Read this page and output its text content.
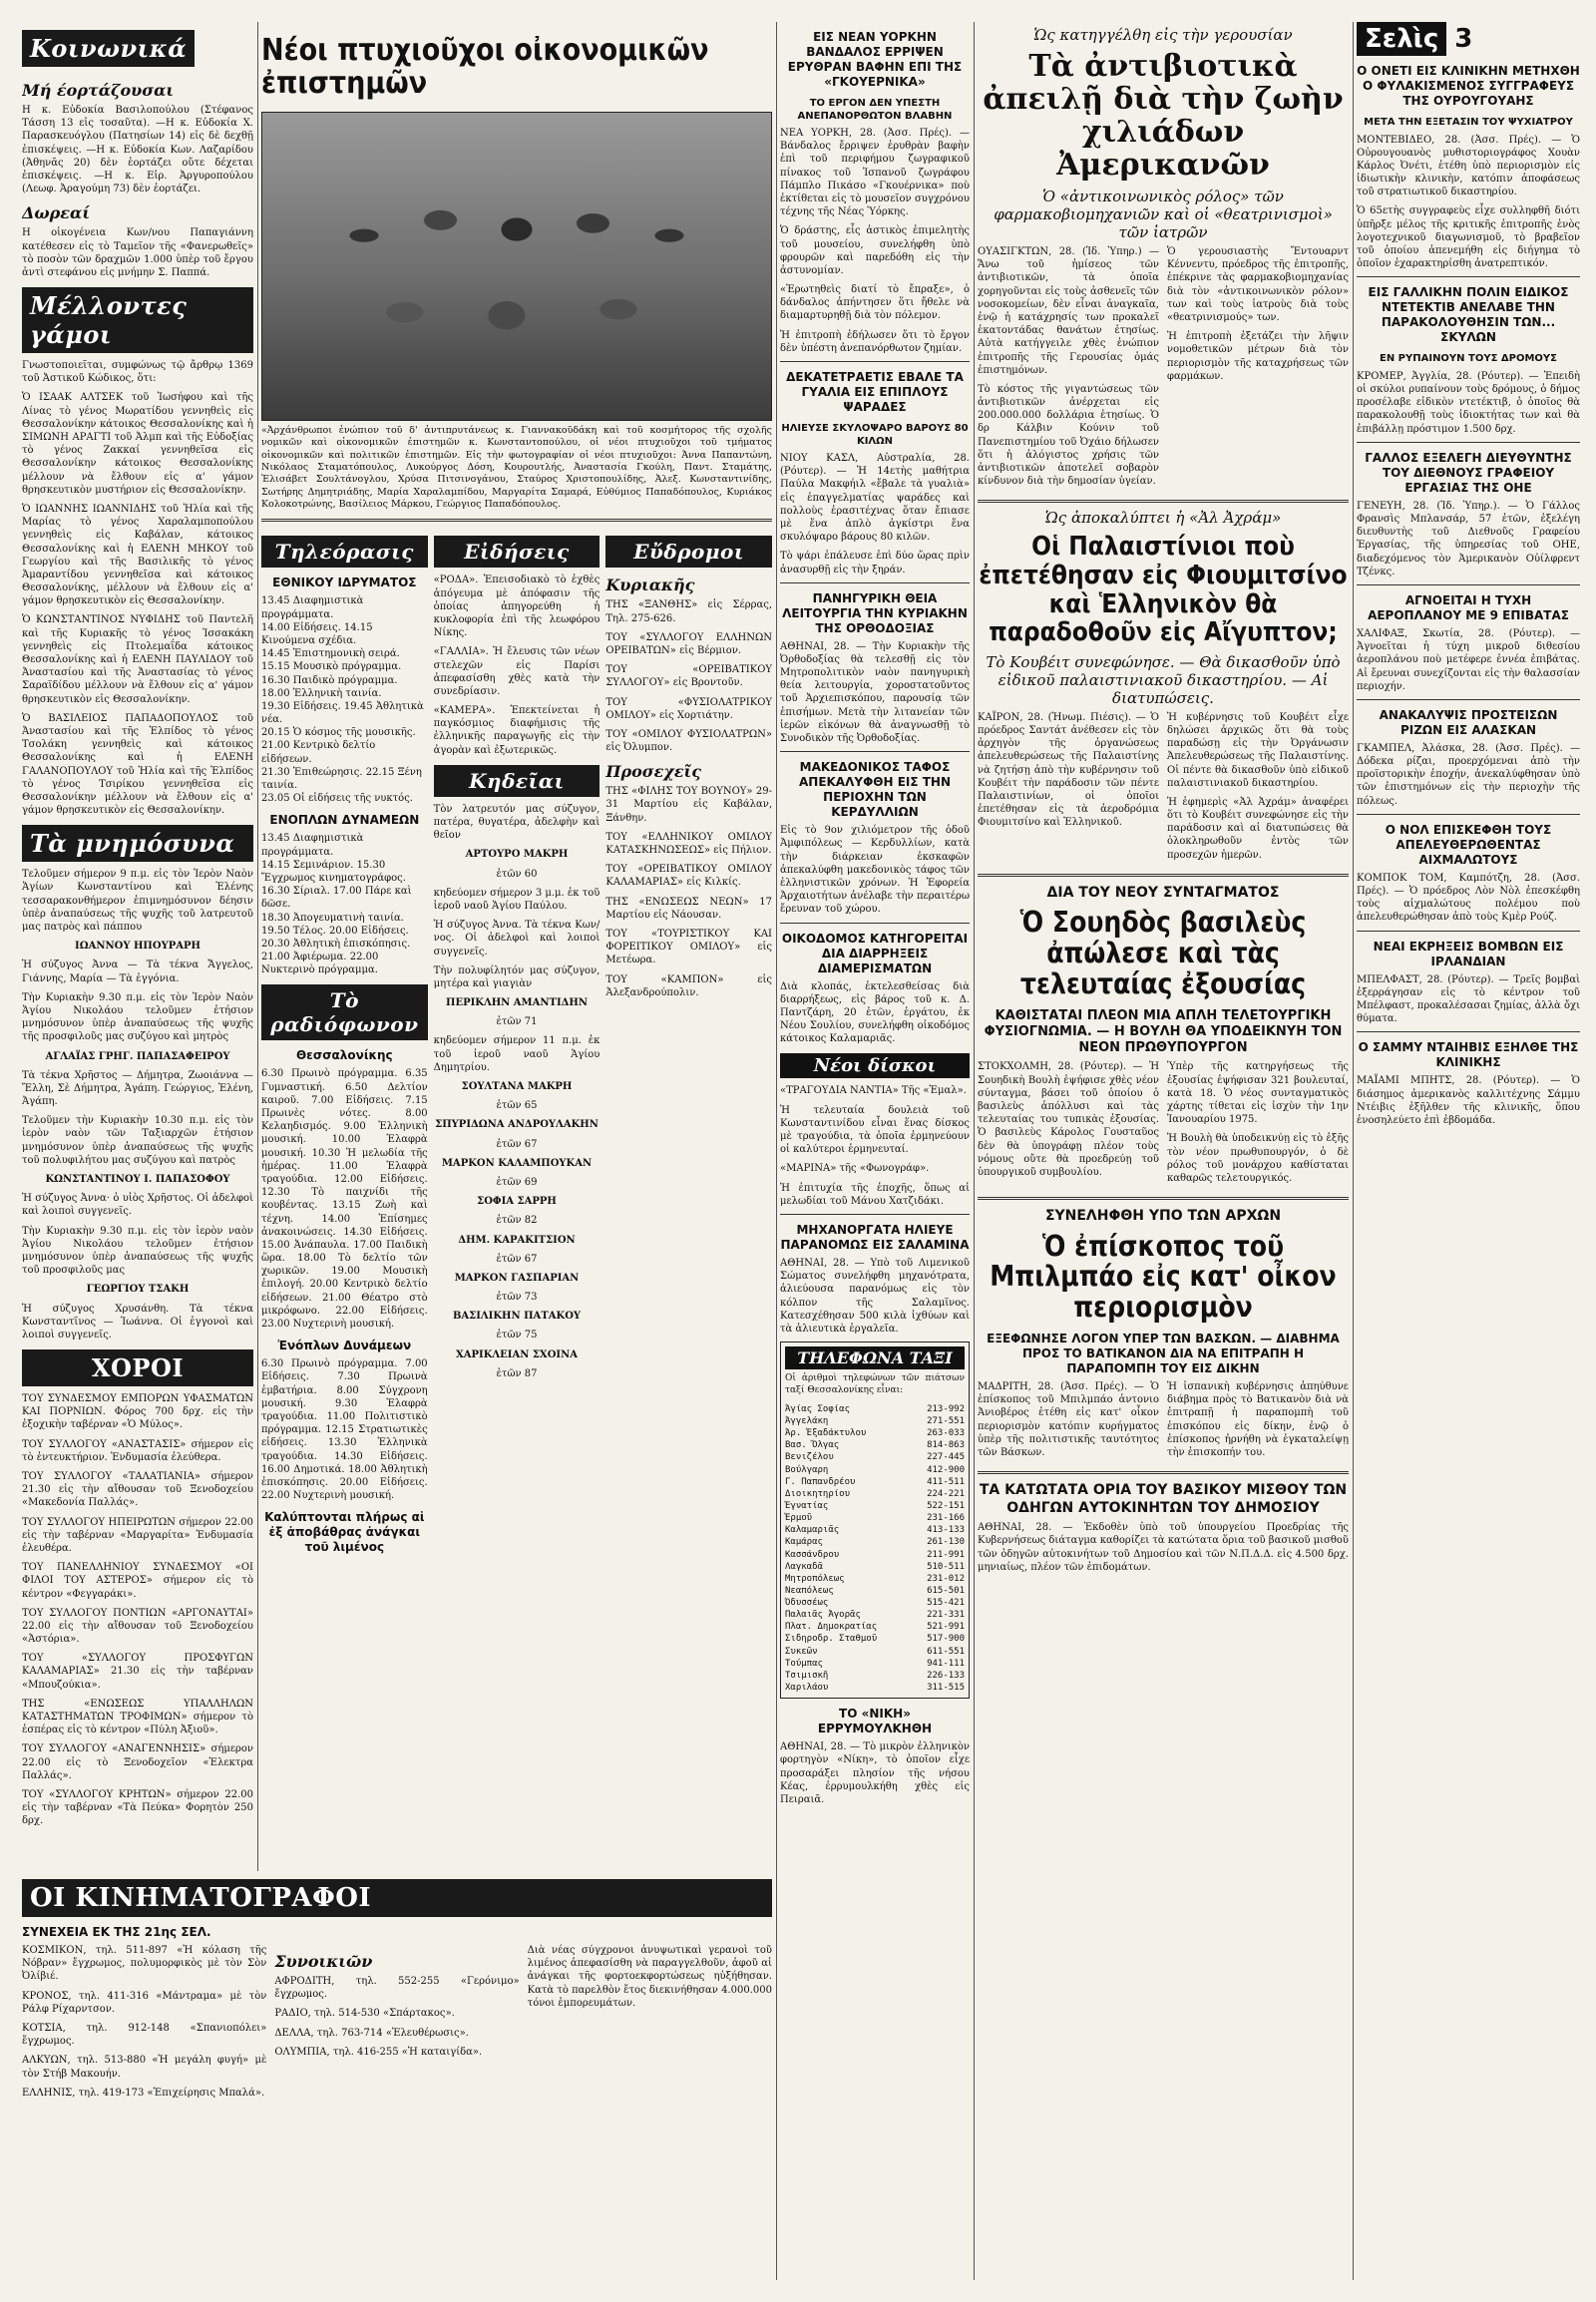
Κοινωνικά
Μή έορτάζουσαι

Η κ. Εὐδοκία Βασιλοπούλου (Στέφανος Τάσση 13 εἰς τοσαῦτα). —Η κ. Εὐδοκία Χ. Παρασκευόγλου (Πατησίων 14) εἰς δὲ δεχθῇ ἐπισκέψεις. —Η κ. Εὐδοκία Κων. Λαζαρίδου (Ἀθηνᾶς 20) δὲν ἑορτάζει οὔτε δέχεται ἐπισκέψεις. —Η κ. Εἰρ. Ἀργυροπούλου (Λεωφ. Ἀραγούμη 73) δὲν ἑορτάζει.

Δωρεαί

Η οἰκογένεια Κων/νου Παπαγιάννη κατέθεσεν εἰς τὸ Ταμεῖον τῆς «Φανερωθεῖς» τὸ ποσὸν τῶν δραχμῶν 1.000 ὑπὲρ τοῦ ἔργου ἀντὶ στεφάνου εἰς μνήμην Σ. Παππά.

Μέλλοντες γάμοι

Γνωστοποιεῖται, συμφώνως τῷ ἄρθρῳ 1369 τοῦ Ἀστικοῦ Κώδικος, ὅτι:

Ὁ ΙΣΑΑΚ ΑΛΤΣΕΚ τοῦ Ἰωσήφου καὶ τῆς Λίνας τὸ γένος Μωρατίδου γεννηθεὶς εἰς Θεσσαλονίκην κάτοικος Θεσσαλονίκης καὶ ἡ ΣΙΜΩΝΗ ΑΡΑΓΤΙ τοῦ Ἀλμπ καὶ τῆς Εὐδοξίας τὸ γένος Ζακκαί γεννηθεῖσα εἰς Θεσσαλονίκην κάτοικος Θεσσαλονίκης μέλλουν νὰ ἔλθουν εἰς α' γάμον θρησκευτικὸν μυστήριον εἰς Θεσσαλονίκην.

Ὁ ΙΩΑΝΝΗΣ ΙΩΑΝΝΙΔΗΣ τοῦ Ἠλία καὶ τῆς Μαρίας τὸ γένος Χαραλαμποπούλου γεννηθεὶς εἰς Καβάλαν, κάτοικος Θεσσαλονίκης καὶ ἡ ΕΛΕΝΗ ΜΗΚΟΥ τοῦ Γεωργίου καὶ τῆς Βασιλικῆς τὸ γένος Ἀμαραντίδου γεννηθεῖσα καὶ κάτοικος Θεσσαλονίκης, μέλλουν νὰ ἔλθουν εἰς α' γάμον θρησκευτικὸν εἰς Θεσσαλονίκην.

Ὁ ΚΩΝΣΤΑΝΤΙΝΟΣ ΝΥΦΙΔΗΣ τοῦ Παντελῆ καὶ τῆς Κυριακῆς τὸ γένος Ἰσσακάκη γεννηθεὶς εἰς Πτολεμαΐδα κάτοικος Θεσσαλονίκης καὶ ἡ ΕΛΕΝΗ ΠΑΥΛΙΔΟΥ τοῦ Ἀναστασίου καὶ τῆς Ἀναστασίας τὸ γένος Σαραϊδίδου μέλλουν νὰ ἔλθουν εἰς α' γάμον θρησκευτικὸν εἰς Θεσσαλονίκην.

Ὁ ΒΑΣΙΛΕΙΟΣ ΠΑΠΑΔΟΠΟΥΛΟΣ τοῦ Ἀναστασίου καὶ τῆς Ἑλπίδος τὸ γένος Τσολάκη γεννηθεὶς καὶ κάτοικος Θεσσαλονίκης καὶ ἡ ΕΛΕΝΗ ΓΑΛΑΝΟΠΟΥΛΟΥ τοῦ Ἠλία καὶ τῆς Ἑλπίδος τὸ γένος Τσιρίκου γεννηθεῖσα εἰς Θεσσαλονίκην μέλλουν νὰ ἔλθουν εἰς α' γάμον θρησκευτικὸν εἰς Θεσσαλονίκην.

Τὰ μνημόσυνα

Τελοῦμεν σήμερον 9 π.μ. εἰς τὸν Ἱερὸν Ναὸν Ἁγίων Κωνσταντίνου καὶ Ἑλένης τεσσαρακονθήμερον ἐπιμνημόσυνον δέησιν ὑπὲρ ἀναπαύσεως τῆς ψυχῆς τοῦ λατρευτοῦ μας πατρὸς καὶ πάππου

ΙΩΑΝΝΟΥ ΗΠΟΥΡΑΡΗ

Ἡ σύζυγος Ἀννα — Τὰ τέκνα Ἄγγελος, Γιάννης, Μαρία — Τὰ ἐγγόνια.

Τὴν Κυριακὴν 9.30 π.μ. εἰς τὸν Ἱερὸν Ναὸν Ἁγίου Νικολάου τελοῦμεν ἐτήσιον μνημόσυνον ὑπὲρ ἀναπαύσεως τῆς ψυχῆς τῆς προσφιλοῦς μας συζύγου καὶ μητρὸς

ΑΓΛΑΪΑΣ ΓΡΗΓ. ΠΑΠΑΣΑΦΕΙΡΟΥ

Τὰ τέκνα Χρῆστος — Δήμητρα, Ζωοιάννα — Ἔλλη, Σὲ Δήμητρα, Ἀγάπη. Γεώργιος, Ἑλένη, Ἀγάπη.

Τελοῦμεν τὴν Κυριακὴν 10.30 π.μ. εἰς τὸν ἱερὸν ναὸν τῶν Ταξιαρχῶν ἐτήσιον μνημόσυνον ὑπὲρ ἀναπαύσεως τῆς ψυχῆς τοῦ πολυφιλήτου μας συζύγου καὶ πατρὸς

ΚΩΝΣΤΑΝΤΙΝΟΥ Ι. ΠΑΠΑΣΟΦΟΥ

Ἡ σύζυγος Ἀννα· ὁ υἱὸς Χρῆστος. Οἱ ἀδελφοὶ καὶ λοιποὶ συγγενεῖς.

Τὴν Κυριακὴν 9.30 π.μ. εἰς τὸν ἱερὸν ναὸν Ἁγίου Νικολάου τελοῦμεν ἐτήσιον μνημόσυνον ὑπὲρ ἀναπαύσεως τῆς ψυχῆς τοῦ προσφιλοῦς μας

ΓΕΩΡΓΙΟΥ ΤΣΑΚΗ

Ἡ σύζυγος Χρυσάνθη. Τὰ τέκνα Κωνσταντῖνος — Ἰωάννα. Οἱ ἐγγονοὶ καὶ λοιποὶ συγγενεῖς.

ΧΟΡΟΙ

ΤΟΥ ΣΥΝΔΕΣΜΟΥ ΕΜΠΟΡΩΝ ΥΦΑΣΜΑΤΩΝ ΚΑΙ ΠΟΡΝΙΩΝ. Φόρος 700 δρχ. εἰς τὴν ἐξοχικὴν ταβέρναν «Ὁ Μύλος».

ΤΟΥ ΣΥΛΛΟΓΟΥ «ΑΝΑΣΤΑΣΙΣ» σήμερον εἰς τὸ ἐντευκτήριον. Ἐνδυμασία ἐλεύθερα.

ΤΟΥ ΣΥΛΛΟΓΟΥ «ΤΑΛΑΤΙΑΝΙΑ» σήμερον 21.30 εἰς τὴν αἴθουσαν τοῦ Ξενοδοχείου «Μακεδονία Παλλάς».

ΤΟΥ ΣΥΛΛΟΓΟΥ ΗΠΕΙΡΩΤΩΝ σήμερον 22.00 εἰς τὴν ταβέρναν «Μαργαρίτα» Ἐνδυμασία ἐλευθέρα.

ΤΟΥ ΠΑΝΕΛΛΗΝΙΟΥ ΣΥΝΔΕΣΜΟΥ «ΟΙ ΦΙΛΟΙ ΤΟΥ ΑΣΤΕΡΟΣ» σήμερον εἰς τὸ κέντρον «Φεγγαράκι».

ΤΟΥ ΣΥΛΛΟΓΟΥ ΠΟΝΤΙΩΝ «ΑΡΓΟΝΑΥΤΑΙ» 22.00 εἰς τὴν αἴθουσαν τοῦ Ξενοδοχείου «Ἀστόρια».

ΤΟΥ «ΣΥΛΛΟΓΟΥ ΠΡΟΣΦΥΓΩΝ ΚΑΛΑΜΑΡΙΑΣ» 21.30 εἰς τὴν ταβέρναν «Μπουζούκια».

ΤΗΣ «ΕΝΩΣΕΩΣ ΥΠΑΛΛΗΛΩΝ ΚΑΤΑΣΤΗΜΑΤΩΝ ΤΡΟΦΙΜΩΝ» σήμερον τὸ ἐσπέρας εἰς τὸ κέντρον «Πύλη Ἀξιοῦ».

ΤΟΥ ΣΥΛΛΟΓΟΥ «ΑΝΑΓΕΝΝΗΣΙΣ» σήμερον 22.00 εἰς τὸ Ξενοδοχεῖον «Ἐλεκτρα Παλλάς».

ΤΟΥ «ΣΥΛΛΟΓΟΥ ΚΡΗΤΩΝ» σήμερον 22.00 εἰς τὴν ταβέρναν «Τὰ Πεύκα» Φορητὸν 250 δρχ.

ΟΙ ΚΙΝΗΜΑΤΟΓΡΑΦΟΙ
ΣΥΝΕΧΕΙΑ ΕΚ ΤΗΣ 21ης ΣΕΛ.

ΚΟΣΜΙΚΟΝ, τηλ. 511-897 «Ἡ κόλαση τῆς Νόβραν» ἔγχρωμος, πολυμορφικὸς μὲ τὸν Σὸν Ὀλίβιέ.

ΚΡΟΝΟΣ, τηλ. 411-316 «Μάντραμα» μὲ τὸν Ράλφ Ρίχαρντσον.

ΚΟΤΣΙΑ, τηλ. 912-148 «Σπανιοπόλει» ἔγχρωμος.

ΑΛΚΥΩΝ, τηλ. 513-880 «Ἡ μεγάλη φυγή» μὲ τὸν Στήβ Μακουήν.

ΕΛΛΗΝΙΣ, τηλ. 419-173 «Ἐπιχείρησις Μπαλά».

Συνοικιῶν

ΑΦΡΟΔΙΤΗ, τηλ. 552-255 «Γερόνιμο» ἔγχρωμος.

ΡΑΔΙΟ, τηλ. 514-530 «Σπάρτακος».

ΔΕΛΛΑ, τηλ. 763-714 «Ἐλευθέρωσις».

ΟΛΥΜΠΙΑ, τηλ. 416-255 «Ἡ καταιγίδα».

Διὰ νέας σύγχρονοι ἀνυψωτικαὶ γερανοὶ τοῦ λιμένος ἀπεφασίσθη νὰ παραγγελθοῦν, ἀφοῦ αἱ ἀνάγκαι τῆς φορτοεκφορτώσεως ηὐξήθησαν. Κατὰ τὸ παρελθὸν ἔτος διεκινήθησαν 4.000.000 τόνοι ἐμπορευμάτων.

Νέοι πτυχιοῦχοι οἰκονομικῶν ἐπιστημῶν

«Ἀρχάνθρωποι ἐνώπιον τοῦ δ' ἀντιπρυτάνεως κ. Γιαννακοῦδάκη καὶ τοῦ κοσμήτορος τῆς σχολῆς νομικῶν καὶ οἰκονομικῶν ἐπιστημῶν κ. Κωνσταντοπούλου, οἱ νέοι πτυχιοῦχοι τοῦ τμήματος οἰκονομικῶν καὶ πολιτικῶν ἐπιστημῶν. Εἰς τὴν φωτογραφίαν οἱ νέοι πτυχιοῦχοι: Ἀννα Παπαντώνη, Νικόλαος Σταματόπουλος, Λυκούργος Δόση, Κουρουτλής, Ἀναστασία Γκούλη, Παντ. Σταμάτης, Ἐλισάβετ Σουλτάνογλου, Χρύσα Πιτσινογάνου, Σταύρος Χριστοπουλίδης, Ἀλεξ. Κωνσταντινίδης, Σωτήρης Δημητριάδης, Μαρία Χαραλαμπίδου, Μαργαρίτα Σαμαρά, Εὐθύμιος Παπαδόπουλος, Κυριάκος Κολοκοτρώνης, Βασίλειος Μάρκου, Γεώργιος Παπαδόπουλος.

Τηλεόρασις
ΕΘΝΙΚΟΥ ΙΔΡΥΜΑΤΟΣ

13.45 Διαφημιστικὰ προγράμματα.

14.00 Εἰδήσεις. 14.15 Κινούμενα σχέδια.

14.45 Ἐπιστημονικὴ σειρά. 15.15 Μουσικὸ πρόγραμμα.

16.30 Παιδικὸ πρόγραμμα. 18.00 Ἐλληνικὴ ταινία.

19.30 Εἰδήσεις. 19.45 Ἀθλητικὰ νέα.

20.15 Ὁ κόσμος τῆς μουσικῆς.

21.00 Κεντρικὸ δελτίο εἰδήσεων.

21.30 Ἐπιθεώρησις. 22.15 Ξένη ταινία.

23.05 Οἱ εἰδήσεις τῆς νυκτός.

ΕΝΟΠΛΩΝ ΔΥΝΑΜΕΩΝ

13.45 Διαφημιστικὰ προγράμματα.

14.15 Σεμινάριον. 15.30 Ἔγχρωμος κινηματογράφος.

16.30 Σίριαλ. 17.00 Πάρε καὶ δῶσε.

18.30 Ἀπογευματινὴ ταινία.

19.50 Τέλος. 20.00 Εἰδήσεις.

20.30 Ἀθλητικὴ ἐπισκόπησις.

21.00 Ἀφιέρωμα. 22.00 Νυκτερινὸ πρόγραμμα.

Τὸ ραδιόφωνον
Θεσσαλονίκης

6.30 Πρωινὸ πρόγραμμα. 6.35 Γυμναστική. 6.50 Δελτίον καιροῦ. 7.00 Εἰδήσεις. 7.15 Πρωινὲς νότες. 8.00 Κελαηδισμός. 9.00 Ἑλληνικὴ μουσική. 10.00 Ἐλαφρὰ μουσική. 10.30 Ἡ μελωδία τῆς ἡμέρας. 11.00 Ἐλαφρὰ τραγούδια. 12.00 Εἰδήσεις. 12.30 Τὸ παιχνίδι τῆς κουβέντας. 13.15 Ζωὴ καὶ τέχνη. 14.00 Ἐπίσημες ἀνακοινώσεις. 14.30 Εἰδήσεις. 15.00 Ἀνάπαυλα. 17.00 Παιδικὴ ὥρα. 18.00 Τὸ δελτίο τῶν χωρικῶν. 19.00 Μουσικὴ ἐπιλογή. 20.00 Κεντρικὸ δελτίο εἰδήσεων. 21.00 Θέατρο στὸ μικρόφωνο. 22.00 Εἰδήσεις. 23.00 Νυχτερινὴ μουσική.

Ἐνόπλων Δυνάμεων

6.30 Πρωινὸ πρόγραμμα. 7.00 Εἰδήσεις. 7.30 Πρωινὰ ἐμβατήρια. 8.00 Σύγχρονη μουσική. 9.30 Ἐλαφρὰ τραγούδια. 11.00 Πολιτιστικὸ πρόγραμμα. 12.15 Στρατιωτικὲς εἰδήσεις. 13.30 Ἐλληνικὰ τραγούδια. 14.30 Εἰδήσεις. 16.00 Δημοτικά. 18.00 Ἀθλητικὴ ἐπισκόπησις. 20.00 Εἰδήσεις. 22.00 Νυχτερινὴ μουσική.

Καλύπτονται πλήρως αἱ ἐξ ἀποβάθρας ἀνάγκαι τοῦ λιμένος
Εἰδήσεις

«ΡΟΔΑ». Ἐπεισοδιακὸ τὸ ἐχθὲς ἀπόγευμα μὲ ἀπόφασιν τῆς ὁποίας ἀπηγορεύθη ἡ κυκλοφορία ἐπὶ τῆς λεωφόρου Νίκης.

«ΓΑΛΛΙΑ». Ἡ ἔλευσις τῶν νέων στελεχῶν εἰς Παρίσι ἀπεφασίσθη χθὲς κατὰ τὴν συνεδρίασιν.

«ΚΑΜΕΡΑ». Ἐπεκτείνεται ἡ παγκόσμιος διαφήμισις τῆς ἐλληνικῆς παραγωγῆς εἰς τὴν ἀγορὰν καὶ ἐξωτερικῶς.

Κηδεῖαι

Τὸν λατρευτόν μας σύζυγον, πατέρα, θυγατέρα, ἀδελφὴν καὶ θεῖον

ΑΡΤΟΥΡΟ ΜΑΚΡΗ

ἐτῶν 60

κηδεύομεν σήμερον 3 μ.μ. ἐκ τοῦ ἱεροῦ ναοῦ Ἁγίου Παύλου.

Ἡ σύζυγος Ἀννα. Τὰ τέκνα Κων/νος. Οἱ ἀδελφοὶ καὶ λοιποὶ συγγενεῖς.

Τὴν πολυφίλητόν μας σύζυγον, μητέρα καὶ γιαγιὰν

ΠΕΡΙΚΛΗΝ ΑΜΑΝΤΙΔΗΝ

ἐτῶν 71

κηδεύομεν σήμερον 11 π.μ. ἐκ τοῦ ἱεροῦ ναοῦ Ἁγίου Δημητρίου.

ΣΟΥΛΤΑΝΑ ΜΑΚΡΗ

ἐτῶν 65

ΣΠΥΡΙΔΩΝΑ ΑΝΔΡΟΥΛΑΚΗΝ

ἐτῶν 67

ΜΑΡΚΟΝ ΚΑΛΑΜΠΟΥΚΑΝ

ἐτῶν 69

ΣΟΦΙΑ ΣΑΡΡΗ

ἐτῶν 82

ΔΗΜ. ΚΑΡΑΚΙΤΣΙΟΝ

ἐτῶν 67

ΜΑΡΚΟΝ ΓΑΣΠΑΡΙΑΝ

ἐτῶν 73

ΒΑΣΙΛΙΚΗΝ ΠΑΤΑΚΟΥ

ἐτῶν 75

ΧΑΡΙΚΛΕΙΑΝ ΣΧΟΙΝΑ

ἐτῶν 87

Εὔδρομοι
Κυριακῆς

ΤΗΣ «ΞΑΝΘΗΣ» εἰς Σέρρας, Τηλ. 275-626.

ΤΟΥ «ΣΥΛΛΟΓΟΥ ΕΛΛΗΝΩΝ ΟΡΕΙΒΑΤΩΝ» εἰς Βέρμιον.

ΤΟΥ «ΟΡΕΙΒΑΤΙΚΟΥ ΣΥΛΛΟΓΟΥ» εἰς Βροντοῦν.

ΤΟΥ «ΦΥΣΙΟΛΑΤΡΙΚΟΥ ΟΜΙΛΟΥ» εἰς Χορτιάτην.

ΤΟΥ «ΟΜΙΛΟΥ ΦΥΣΙΟΛΑΤΡΩΝ» εἰς Ὀλυμπον.

Προσεχεῖς

ΤΗΣ «ΦΙΛΗΣ ΤΟΥ ΒΟΥΝΟΥ» 29-31 Μαρτίου εἰς Καβάλαν, Ξάνθην.

ΤΟΥ «ΕΛΛΗΝΙΚΟΥ ΟΜΙΛΟΥ ΚΑΤΑΣΚΗΝΩΣΕΩΣ» εἰς Πήλιον.

ΤΟΥ «ΟΡΕΙΒΑΤΙΚΟΥ ΟΜΙΛΟΥ ΚΑΛΑΜΑΡΙΑΣ» εἰς Κιλκίς.

ΤΗΣ «ΕΝΩΣΕΩΣ ΝΕΩΝ» 17 Μαρτίου εἰς Νάουσαν.

ΤΟΥ «ΤΟΥΡΙΣΤΙΚΟΥ ΚΑΙ ΦΟΡΕΙΤΙΚΟΥ ΟΜΙΛΟΥ» εἰς Μετέωρα.

ΤΟΥ «ΚΑΜΠΟΝ» εἰς Ἀλεξανδρούπολιν.

ΕΙΣ ΝΕΑΝ ΥΟΡΚΗΝ ΒΑΝΔΑΛΟΣ ΕΡΡΙΨΕΝ ΕΡΥΘΡΑΝ ΒΑΦΗΝ ΕΠΙ ΤΗΣ «ΓΚΟΥΕΡΝΙΚΑ»
ΤΟ ΕΡΓΟΝ ΔΕΝ ΥΠΕΣΤΗ ΑΝΕΠΑΝΟΡΘΩΤΟΝ ΒΛΑΒΗΝ

ΝΕΑ ΥΟΡΚΗ, 28. (Ἀσσ. Πρές). — Βάνδαλος ἔρριψεν ἐρυθρὰν βαφὴν ἐπὶ τοῦ περιφήμου ζωγραφικοῦ πίνακος τοῦ Ἰσπανοῦ ζωγράφου Πάμπλο Πικάσο «Γκουέρνικα» ποὺ ἐκτίθεται εἰς τὸ μουσεῖον συγχρόνου τέχνης τῆς Νέας Ὑόρκης.

Ὁ δράστης, εἷς ἀστικὸς ἐπιμελητὴς τοῦ μουσείου, συνελήφθη ὑπὸ φρουρῶν καὶ παρεδόθη εἰς τὴν ἀστυνομίαν.

«Ἐρωτηθεὶς διατί τὸ ἔπραξε», ὁ δάνδαλος ἀπήντησεν ὅτι ἤθελε νὰ διαμαρτυρηθῇ διὰ τὸν πόλεμον.

Ἡ ἐπιτροπὴ ἐδήλωσεν ὅτι τὸ ἔργον δὲν ὑπέστη ἀνεπανόρθωτον ζημίαν.

ΔΕΚΑΤΕΤΡΑΕΤΙΣ ΕΒΑΛΕ ΤΑ ΓΥΑΛΙΑ ΕΙΣ ΕΠΙΠΛΟΥΣ ΨΑΡΑΔΕΣ
ΗΛΙΕΥΣΕ ΣΚΥΛΟΨΑΡΟ ΒΑΡΟΥΣ 80 ΚΙΛΩΝ

ΝΙΟΥ ΚΑΣΛ, Αὐστραλία, 28. (Ρόυτερ). — Ἡ 14ετὴς μαθήτρια Παύλα Μακφήιλ «ἔβαλε τὰ γυαλιὰ» εἰς ἐπαγγελματίας ψαράδες καὶ πολλοὺς ἐρασιτέχνας ὅταν ἔπιασε μὲ ἕνα ἁπλὸ ἀγκίστρι ἕνα σκυλόψαρο βάρους 80 κιλῶν.

Τὸ ψάρι ἐπάλευσε ἐπὶ δύο ὥρας πρὶν ἀνασυρθῇ εἰς τὴν ξηράν.

ΠΑΝΗΓΥΡΙΚΗ ΘΕΙΑ ΛΕΙΤΟΥΡΓΙΑ ΤΗΝ ΚΥΡΙΑΚΗΝ ΤΗΣ ΟΡΘΟΔΟΞΙΑΣ

ΑΘΗΝΑΙ, 28. — Τὴν Κυριακὴν τῆς Ὀρθοδοξίας θὰ τελεσθῇ εἰς τὸν Μητροπολιτικὸν ναὸν πανηγυρικὴ θεία λειτουργία, χοροστατοῦντος τοῦ Ἀρχιεπισκόπου, παρουσίᾳ τῶν ἐπισήμων. Μετὰ τὴν λιτανείαν τῶν ἱερῶν εἰκόνων θὰ ἀναγνωσθῇ τὸ Συνοδικὸν τῆς Ὀρθοδοξίας.

ΜΑΚΕΔΟΝΙΚΟΣ ΤΑΦΟΣ ΑΠΕΚΑΛΥΦΘΗ ΕΙΣ ΤΗΝ ΠΕΡΙΟΧΗΝ ΤΩΝ ΚΕΡΔΥΛΛΙΩΝ

Εἰς τὸ 9ον χιλιόμετρον τῆς ὁδοῦ Ἀμφιπόλεως — Κερδυλλίων, κατὰ τὴν διάρκειαν ἐκσκαφῶν ἀπεκαλύφθη μακεδονικὸς τάφος τῶν ἑλληνιστικῶν χρόνων. Ἡ Ἐφορεία Ἀρχαιοτήτων ἀνέλαβε τὴν περαιτέρω ἔρευναν τοῦ χώρου.

ΟΙΚΟΔΟΜΟΣ ΚΑΤΗΓΟΡΕΙΤΑΙ ΔΙΑ ΔΙΑΡΡΗΞΕΙΣ ΔΙΑΜΕΡΙΣΜΑΤΩΝ

Διὰ κλοπάς, ἐκτελεσθείσας διὰ διαρρήξεως, εἰς βάρος τοῦ κ. Δ. Παντζάρη, 20 ἐτῶν, ἐργάτου, ἐκ Νέου Σουλίου, συνελήφθη οἰκοδόμος κάτοικος Καλαμαριᾶς.

Νέοι δίσκοι

«ΤΡΑΓΟΥΔΙΑ ΝΑΝΤΙΑ» Τῆς «Ἐμαλ».

Ἡ τελευταία δουλειὰ τοῦ Κωνσταντινίδου εἶναι ἕνας δίσκος μὲ τραγούδια, τὰ ὁποῖα ἐρμηνεύουν οἱ καλύτεροι ἑρμηνευταί.

«ΜΑΡΙΝΑ» τῆς «Φωνογράφ».

Ἡ ἐπιτυχία τῆς ἐποχῆς, ὅπως αἱ μελωδίαι τοῦ Μάνου Χατζιδάκι.

ΜΗΧΑΝΟΡΓΑΤΑ ΗΛΙΕΥΕ ΠΑΡΑΝΟΜΩΣ ΕΙΣ ΣΑΛΑΜΙΝΑ

ΑΘΗΝΑΙ, 28. — Υπὸ τοῦ Λιμενικοῦ Σώματος συνελήφθη μηχανότρατα, ἀλιεύουσα παρανόμως εἰς τὸν κόλπον τῆς Σαλαμῖνος. Κατεσχέθησαν 500 κιλὰ ἰχθύων καὶ τὰ ἀλιευτικὰ ἐργαλεῖα.

ΤΗΛΕΦΩΝΑ ΤΑΞΙ

Οἱ ἀριθμοὶ τηλεφώνων τῶν πιάτσων ταξί Θεσσαλονίκης εἶναι:

Ἀγίας Σοφίας	213-992
Ἀγγελάκη	271-551
Ἀρ. Ἐξαδάκτυλου	263-033
Βασ. Ὄλγας	814-863
Βενιζέλου	227-445
Βούλγαρη	412-900
Γ. Παπανδρέου	411-511
Διοικητηρίου	224-221
Ἐγνατίας	522-151
Ἑρμοῦ	231-166
Καλαμαριᾶς	413-133
Καμάρας	261-130
Κασσάνδρου	211-991
Λαγκαδᾶ	510-511
Μητροπόλεως	231-012
Νεαπόλεως	615-501
Ὀδυσσέως	515-421
Παλαιᾶς Ἀγορᾶς	221-331
Πλατ. Δημοκρατίας	521-991
Σιδηροδρ. Σταθμοῦ	517-900
Συκεῶν	611-551
Τούμπας	941-111
Τσιμισκῆ	226-133
Χαριλάου	311-515
ΤΟ «ΝΙΚΗ» ΕΡΡΥΜΟΥΛΚΗΘΗ

ΑΘΗΝΑΙ, 28. — Τὸ μικρὸν ἐλληνικὸν φορτηγὸν «Νίκη», τὸ ὁποῖον εἶχε προσαράξει πλησίον τῆς νήσου Κέας, ἐρρυμουλκήθη χθὲς εἰς Πειραιᾶ.

Ὡς κατηγγέλθη εἰς τὴν γερουσίαν
Τὰ ἀντιβιοτικὰ ἀπειλῇ διὰ τὴν ζωὴν χιλιάδων Ἀμερικανῶν
Ὁ «ἀντικοινωνικὸς ρόλος» τῶν φαρμακοβιομηχανιῶν καὶ οἱ «θεατρινισμοὶ» τῶν ἰατρῶν

ΟΥΑΣΙΓΚΤΩΝ, 28. (Ἰδ. Ὑπηρ.) — Ἄνω τοῦ ἡμίσεος τῶν ἀντιβιοτικῶν, τὰ ὁποῖα χορηγοῦνται εἰς τοὺς ἀσθενεῖς τῶν νοσοκομείων, δὲν εἶναι ἀναγκαῖα, ἐνῷ ἡ κατάχρησίς των προκαλεῖ ἑκατοντάδας θανάτων ἐτησίως. Αὐτὰ κατήγγειλε χθὲς ἐνώπιον ἐπιτροπῆς τῆς Γερουσίας ὁμάς ἐπιστημόνων.

Τὸ κόστος τῆς γιγαντώσεως τῶν ἀντιβιοτικῶν ἀνέρχεται εἰς 200.000.000 δολλάρια ἐτησίως. Ὁ δρ Κάλβιν Κούνιν τοῦ Πανεπιστημίου τοῦ Ὀχάιο δήλωσεν ὅτι ἡ ἀλόγιστος χρήσις τῶν ἀντιβιοτικῶν ἀποτελεῖ σοβαρὸν κίνδυνον διὰ τὴν δημοσίαν ὑγείαν.

Ὁ γερουσιαστὴς Ἔντουαρντ Κέννεντυ, πρόεδρος τῆς ἐπιτροπῆς, ἐπέκρινε τὰς φαρμακοβιομηχανίας διὰ τὸν «ἀντικοινωνικὸν ρόλον» των καὶ τοὺς ἰατροὺς διὰ τοὺς «θεατρινισμούς» των.

Ἡ ἐπιτροπὴ ἐξετάζει τὴν λῆψιν νομοθετικῶν μέτρων διὰ τὸν περιορισμὸν τῆς καταχρήσεως τῶν φαρμάκων.

Ὡς ἀποκαλύπτει ἡ «Ἀλ Ἀχράμ»
Οἱ Παλαιστίνιοι ποὺ ἐπετέθησαν εἰς Φιουμιτσίνο καὶ Ἑλληνικὸν θὰ παραδοθοῦν εἰς Αἴγυπτον;
Τὸ Κουβέιτ συνεφώνησε. — Θὰ δικασθοῦν ὑπὸ εἰδικοῦ παλαιστινιακοῦ δικαστηρίου. — Αἱ διατυπώσεις.

ΚΑΪΡΟΝ, 28. (Ἠνωμ. Πιέσις). — Ὁ πρόεδρος Σαντάτ ἀνέθεσεν εἰς τὸν ἀρχηγὸν τῆς ὀργανώσεως ἀπελευθερώσεως τῆς Παλαιστίνης νὰ ζητήσῃ ἀπὸ τὴν κυβέρνησιν τοῦ Κουβέιτ τὴν παράδοσιν τῶν πέντε Παλαιστινίων, οἱ ὁποῖοι ἐπετέθησαν εἰς τὰ ἀεροδρόμια Φιουμιτσίνο καὶ Ἑλληνικοῦ.

Ἡ κυβέρνησις τοῦ Κουβέιτ εἶχε δηλώσει ἀρχικῶς ὅτι θὰ τοὺς παραδώσῃ εἰς τὴν Ὀργάνωσιν Ἀπελευθερώσεως τῆς Παλαιστίνης. Οἱ πέντε θὰ δικασθοῦν ὑπὸ εἰδικοῦ παλαιστινιακοῦ δικαστηρίου.

Ἡ ἐφημερὶς «Ἀλ Ἀχράμ» ἀναφέρει ὅτι τὸ Κουβέιτ συνεφώνησε εἰς τὴν παράδοσιν καὶ αἱ διατυπώσεις θὰ ὁλοκληρωθοῦν ἐντὸς τῶν προσεχῶν ἡμερῶν.

ΔΙΑ ΤΟΥ ΝΕΟΥ ΣΥΝΤΑΓΜΑΤΟΣ
Ὁ Σουηδὸς βασιλεὺς ἀπώλεσε καὶ τὰς τελευταίας ἐξουσίας
ΚΑΘΙΣΤΑΤΑΙ ΠΛΕΟΝ ΜΙΑ ΑΠΛΗ ΤΕΛΕΤΟΥΡΓΙΚΗ ΦΥΣΙΟΓΝΩΜΙΑ. — Η ΒΟΥΛΗ ΘΑ ΥΠΟΔΕΙΚΝΥΗ ΤΟΝ ΝΕΟΝ ΠΡΩΘΥΠΟΥΡΓΟΝ

ΣΤΟΚΧΟΛΜΗ, 28. (Ρόυτερ). — Ἡ Σουηδικὴ Βουλὴ ἐψήφισε χθὲς νέον σύνταγμα, βάσει τοῦ ὁποίου ὁ βασιλεὺς ἀπόλλυσι καὶ τὰς τελευταίας του τυπικὰς ἐξουσίας. Ὁ βασιλεὺς Κάρολος Γουσταῦος δὲν θὰ ὑπογράφῃ πλέον τοὺς νόμους οὔτε θὰ προεδρεύῃ τοῦ ὑπουργικοῦ συμβουλίου.

Ὑπὲρ τῆς κατηργήσεως τῆς ἐξουσίας ἐψήφισαν 321 βουλευταί, κατὰ 18. Ὁ νέος συνταγματικὸς χάρτης τίθεται εἰς ἰσχὺν τὴν 1ην Ἰανουαρίου 1975.

Ἡ Βουλὴ θὰ ὑποδεικνύῃ εἰς τὸ ἑξῆς τὸν νέον πρωθυπουργόν, ὁ δὲ ρόλος τοῦ μονάρχου καθίσταται καθαρῶς τελετουργικός.

ΣΥΝΕΛΗΦΘΗ ΥΠΟ ΤΩΝ ΑΡΧΩΝ
Ὁ ἐπίσκοπος τοῦ Μπιλμπάο εἰς κατ' οἶκον περιορισμὸν
ΕΞΕΦΩΝΗΣΕ ΛΟΓΟΝ ΥΠΕΡ ΤΩΝ ΒΑΣΚΩΝ. — ΔΙΑΒΗΜΑ ΠΡΟΣ ΤΟ ΒΑΤΙΚΑΝΟΝ ΔΙΑ ΝΑ ΕΠΙΤΡΑΠΗ Η ΠΑΡΑΠΟΜΠΗ ΤΟΥ ΕΙΣ ΔΙΚΗΝ

ΜΑΔΡΙΤΗ, 28. (Ἀσσ. Πρές). — Ὁ ἐπίσκοπος τοῦ Μπιλμπάο ἀντονιο Ἀνιοβέρος ἐτέθη εἰς κατ' οἶκον περιορισμὸν κατόπιν κυρήγματος ὑπὲρ τῆς πολιτιστικῆς ταυτότητος τῶν Βάσκων.

Ἡ ἱσπανικὴ κυβέρνησις ἀπηύθυνε διάβημα πρὸς τὸ Βατικανὸν διὰ νὰ ἐπιτραπῇ ἡ παραπομπὴ τοῦ ἐπισκόπου εἰς δίκην, ἐνῷ ὁ ἐπίσκοπος ἠρνήθη νὰ ἐγκαταλείψῃ τὴν ἐπισκοπήν του.

ΤΑ ΚΑΤΩΤΑΤΑ ΟΡΙΑ ΤΟΥ ΒΑΣΙΚΟΥ ΜΙΣΘΟΥ ΤΩΝ ΟΔΗΓΩΝ ΑΥΤΟΚΙΝΗΤΩΝ ΤΟΥ ΔΗΜΟΣΙΟΥ

ΑΘΗΝΑΙ, 28. — Ἐκδοθὲν ὑπὸ τοῦ ὑπουργείου Προεδρίας τῆς Κυβερνήσεως διάταγμα καθορίζει τὰ κατώτατα ὅρια τοῦ βασικοῦ μισθοῦ τῶν ὀδηγῶν αὐτοκινήτων τοῦ Δημοσίου καὶ τῶν Ν.Π.Δ.Δ. εἰς 4.500 δρχ. μηνιαίως, πλέον τῶν ἐπιδομάτων.

Σελὶς 3
Ο ΟΝΕΤΙ ΕΙΣ ΚΛΙΝΙΚΗΝ ΜΕΤΗΧΘΗ Ο ΦΥΛΑΚΙΣΜΕΝΟΣ ΣΥΓΓΡΑΦΕΥΣ ΤΗΣ ΟΥΡΟΥΓΟΥΑΗΣ
ΜΕΤΑ ΤΗΝ ΕΞΕΤΑΣΙΝ ΤΟΥ ΨΥΧΙΑΤΡΟΥ

ΜΟΝΤΕΒΙΔΕΟ, 28. (Ἀσσ. Πρές). — Ὁ Οὐρουγουανὸς μυθιστοριογράφος Χουὰν Κάρλος Ὀνέτι, ἐτέθη ὑπὸ περιορισμὸν εἰς ἰδιωτικὴν κλινικὴν, κατόπιν ἀποφάσεως τοῦ στρατιωτικοῦ δικαστηρίου.

Ὁ 65ετὴς συγγραφεὺς εἶχε συλληφθῆ διότι ὑπῆρξε μέλος τῆς κριτικῆς ἐπιτροπῆς ἑνὸς λογοτεχνικοῦ διαγωνισμοῦ, τὸ βραβεῖον τοῦ ὁποίου ἀπενεμήθη εἰς διήγημα τὸ ὁποῖον ἐχαρακτηρίσθη ἀνατρεπτικόν.

ΕΙΣ ΓΑΛΛΙΚΗΝ ΠΟΛΙΝ ΕΙΔΙΚΟΣ ΝΤΕΤΕΚΤΙΒ ΑΝΕΛΑΒΕ ΤΗΝ ΠΑΡΑΚΟΛΟΥΘΗΣΙΝ ΤΩΝ... ΣΚΥΛΩΝ
ΕΝ ΡΥΠΑΙΝΟΥΝ ΤΟΥΣ ΔΡΟΜΟΥΣ

ΚΡΟΜΕΡ, Ἀγγλία, 28. (Ρόυτερ). — Ἐπειδὴ οἱ σκύλοι ρυπαίνουν τοὺς δρόμους, ὁ δήμος προσέλαβε εἰδικὸν ντετέκτιβ, ὁ ὁποῖος θὰ παρακολουθῇ τοὺς ἰδιοκτήτας των καὶ θὰ ἐπιβάλλῃ πρόστιμον 1.500 δρχ.

ΓΑΛΛΟΣ ΕΞΕΛΕΓΗ ΔΙΕΥΘΥΝΤΗΣ ΤΟΥ ΔΙΕΘΝΟΥΣ ΓΡΑΦΕΙΟΥ ΕΡΓΑΣΙΑΣ ΤΗΣ ΟΗΕ

ΓΕΝΕΥΗ, 28. (Ἰδ. Ὑπηρ.). — Ὁ Γάλλος Φρανσὶς Μπλανσάρ, 57 ἐτῶν, ἐξελέγη διευθυντὴς τοῦ Διεθνοῦς Γραφείου Ἐργασίας, τῆς ὑπηρεσίας τοῦ ΟΗΕ, διαδεχόμενος τὸν Ἀμερικανὸν Οὐίλφρεντ Τζένκς.

ΑΓΝΟΕΙΤΑΙ Η ΤΥΧΗ ΑΕΡΟΠΛΑΝΟΥ ΜΕ 9 ΕΠΙΒΑΤΑΣ

ΧΑΛΙΦΑΞ, Σκωτία, 28. (Ρόυτερ). — Ἀγνοεῖται ἡ τύχη μικροῦ διθεσίου ἀεροπλάνου ποὺ μετέφερε ἐννέα ἐπιβάτας. Αἱ ἔρευναι συνεχίζονται εἰς τὴν θαλασσίαν περιοχήν.

ΑΝΑΚΑΛΥΨΙΣ ΠΡΟΣΤΕΙΣΩΝ ΡΙΖΩΝ ΕΙΣ ΑΛΑΣΚΑΝ

ΓΚΑΜΠΕΛ, Ἀλάσκα, 28. (Ἀσσ. Πρές). — Δόδεκα ρίζαι, προερχόμεναι ἀπὸ τὴν προϊστορικὴν ἐποχήν, ἀνεκαλύφθησαν ὑπὸ τῶν ἐπιστημόνων εἰς τὴν περιοχὴν τῆς πόλεως.

Ο ΝΟΛ ΕΠΙΣΚΕΦΘΗ ΤΟΥΣ ΑΠΕΛΕΥΘΕΡΩΘΕΝΤΑΣ ΑΙΧΜΑΛΩΤΟΥΣ

ΚΟΜΠΟΚ ΤΟΜ, Καμπότζη, 28. (Ἀσσ. Πρές). — Ὁ πρόεδρος Λὸν Νὸλ ἐπεσκέφθη τοὺς αἰχμαλώτους πολέμου ποὺ ἀπελευθερώθησαν ἀπὸ τοὺς Κμὲρ Ρούζ.

ΝΕΑΙ ΕΚΡΗΞΕΙΣ ΒΟΜΒΩΝ ΕΙΣ ΙΡΛΑΝΔΙΑΝ

ΜΠΕΛΦΑΣΤ, 28. (Ρόυτερ). — Τρεῖς βομβαὶ ἐξερράγησαν εἰς τὸ κέντρον τοῦ Μπέλφαστ, προκαλέσασαι ζημίας, ἀλλὰ ὄχι θύματα.

Ο ΣΑΜΜΥ ΝΤΑΙΗΒΙΣ ΕΞΗΛΘΕ ΤΗΣ ΚΛΙΝΙΚΗΣ

ΜΑΪΑΜΙ ΜΠΗΤΣ, 28. (Ρόυτερ). — Ὁ διάσημος ἀμερικανὸς καλλιτέχνης Σάμμυ Ντέιβις ἐξῆλθεν τῆς κλινικῆς, ὅπου ἐνοσηλεύετο ἐπὶ ἐβδομάδα.
